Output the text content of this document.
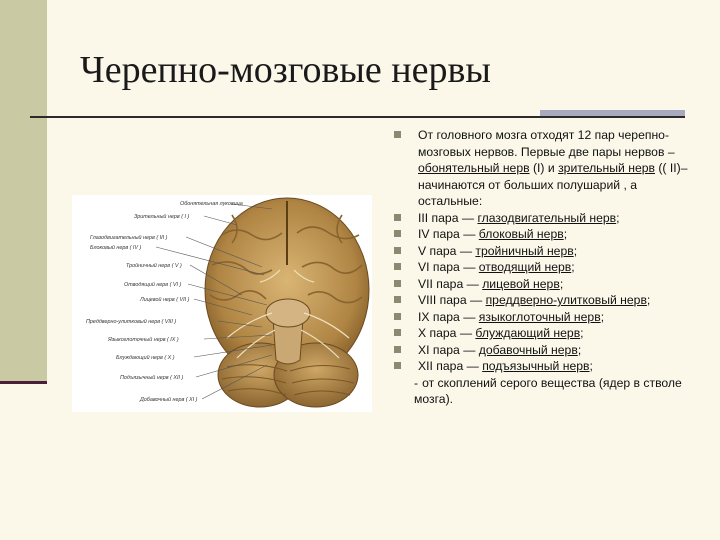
Черепно-мозговые нервы
Обонятельная луковица
Зрительный нерв ( I )
Глазодвигательный нерв ( III )
Блоковый нерв ( IV )
Тройничный нерв ( V )
Отводящий нерв ( VI )
Лицевой нерв ( VII )
Преддверно-улитковый нерв ( VIII )
Языкоглоточный нерв ( IX )
Блуждающий нерв ( X )
Подъязычный нерв ( XII )
Добавочный нерв ( XI )
От головного мозга отходят 12 пар черепно-мозговых нервов. Первые две пары нервов – обонятельный нерв (I) и зрительный нерв (( II)– начинаются от больших полушарий , а остальные:
III пара — глазодвигательный нерв;
IV пара — блоковый нерв;
V пара — тройничный нерв;
VI пара — отводящий нерв;
VII пара — лицевой нерв;
VIII пара — преддверно-улитковый нерв;
IX пара — языкоглоточный нерв;
X пара — блуждающий нерв;
XI пара — добавочный нерв;
XII пара — подъязычный нерв;
- от скоплений серого вещества (ядер в стволе мозга).
